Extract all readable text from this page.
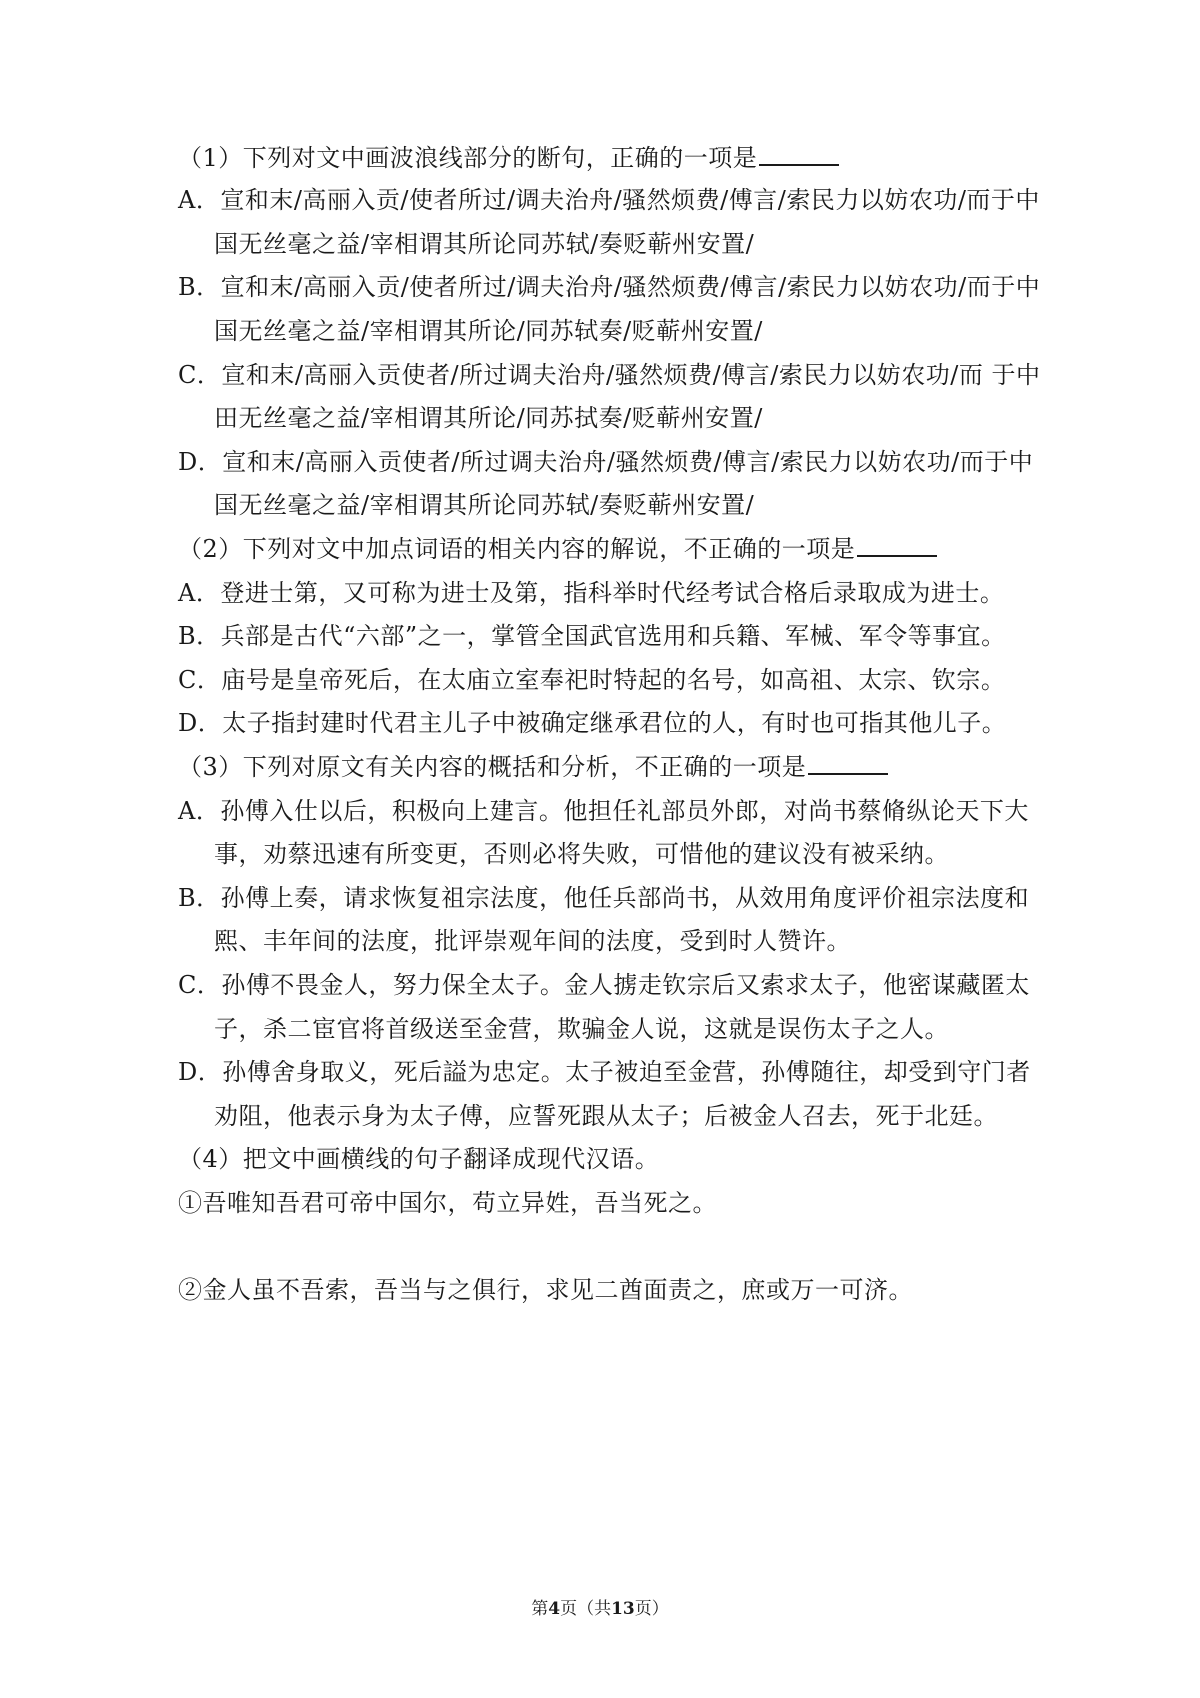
（1）下列对文中画波浪线部分的断句，正确的一项是
A．宣和末/高丽入贡/使者所过/调夫治舟/骚然烦费/傅言/索民力以妨农功/而于中
国无丝毫之益/宰相谓其所论同苏轼/奏贬蕲州安置/
B．宣和末/高丽入贡/使者所过/调夫治舟/骚然烦费/傅言/索民力以妨农功/而于中
国无丝毫之益/宰相谓其所论/同苏轼奏/贬蕲州安置/
C．宣和末/高丽入贡使者/所过调夫治舟/骚然烦费/傅言/索民力以妨农功/而 于中
田无丝毫之益/宰相谓其所论/同苏拭奏/贬蕲州安置/
D．宣和末/高丽入贡使者/所过调夫治舟/骚然烦费/傅言/索民力以妨农功/而于中
国无丝毫之益/宰相谓其所论同苏轼/奏贬蕲州安置/
（2）下列对文中加点词语的相关内容的解说，不正确的一项是
A．登进士第，又可称为进士及第，指科举时代经考试合格后录取成为进士。
B．兵部是古代“六部”之一，掌管全国武官选用和兵籍、军械、军令等事宜。
C．庙号是皇帝死后，在太庙立室奉祀时特起的名号，如高祖、太宗、钦宗。
D．太子指封建时代君主儿子中被确定继承君位的人，有时也可指其他儿子。
（3）下列对原文有关内容的概括和分析，不正确的一项是
A．孙傅入仕以后，积极向上建言。他担任礼部员外郎，对尚书蔡脩纵论天下大
事，劝蔡迅速有所变更，否则必将失败，可惜他的建议没有被采纳。
B．孙傅上奏，请求恢复祖宗法度，他任兵部尚书，从效用角度评价祖宗法度和
熙、丰年间的法度，批评崇观年间的法度，受到时人赞许。
C．孙傅不畏金人，努力保全太子。金人掳走钦宗后又索求太子，他密谋藏匿太
子，杀二宦官将首级送至金营，欺骗金人说，这就是误伤太子之人。
D．孙傅舍身取义，死后謚为忠定。太子被迫至金营，孙傅随往，却受到守门者
劝阻，他表示身为太子傅，应誓死跟从太子；后被金人召去，死于北廷。
（4）把文中画横线的句子翻译成现代汉语。
①吾唯知吾君可帝中国尔，苟立异姓，吾当死之。
②金人虽不吾索，吾当与之俱行，求见二酋面责之，庶或万一可济。
第4页（共13页）
